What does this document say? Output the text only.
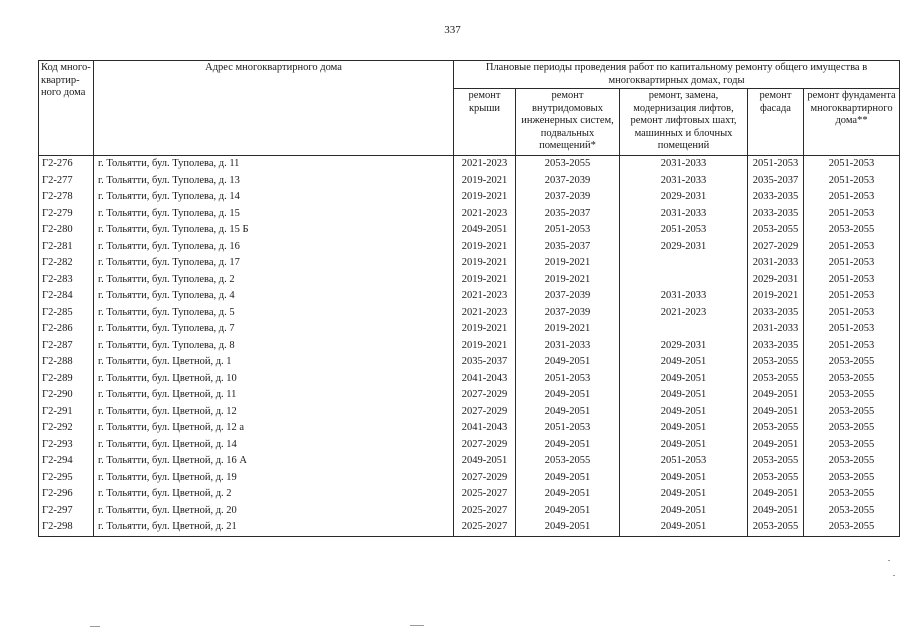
337
Код много-квартир-ного дома	Адрес многоквартирного дома	Плановые периоды проведения работ по капитальному ремонту общего имущества в многоквартирных домах, годы				
		ремонт крыши	ремонт внутридомовых инженерных систем, подвальных помещений*	ремонт, замена, модернизация лифтов, ремонт лифтовых шахт, машинных и блочных помещений	ремонт фасада	ремонт фундамента многоквартирного дома**
Г2-276	г. Тольятти, бул. Туполева, д. 11	2021-2023	2053-2055	2031-2033	2051-2053	2051-2053
Г2-277	г. Тольятти, бул. Туполева, д. 13	2019-2021	2037-2039	2031-2033	2035-2037	2051-2053
Г2-278	г. Тольятти, бул. Туполева, д. 14	2019-2021	2037-2039	2029-2031	2033-2035	2051-2053
Г2-279	г. Тольятти, бул. Туполева, д. 15	2021-2023	2035-2037	2031-2033	2033-2035	2051-2053
Г2-280	г. Тольятти, бул. Туполева, д. 15 Б	2049-2051	2051-2053	2051-2053	2053-2055	2053-2055
Г2-281	г. Тольятти, бул. Туполева, д. 16	2019-2021	2035-2037	2029-2031	2027-2029	2051-2053
Г2-282	г. Тольятти, бул. Туполева, д. 17	2019-2021	2019-2021		2031-2033	2051-2053
Г2-283	г. Тольятти, бул. Туполева, д. 2	2019-2021	2019-2021		2029-2031	2051-2053
Г2-284	г. Тольятти, бул. Туполева, д. 4	2021-2023	2037-2039	2031-2033	2019-2021	2051-2053
Г2-285	г. Тольятти, бул. Туполева, д. 5	2021-2023	2037-2039	2021-2023	2033-2035	2051-2053
Г2-286	г. Тольятти, бул. Туполева, д. 7	2019-2021	2019-2021		2031-2033	2051-2053
Г2-287	г. Тольятти, бул. Туполева, д. 8	2019-2021	2031-2033	2029-2031	2033-2035	2051-2053
Г2-288	г. Тольятти, бул. Цветной, д. 1	2035-2037	2049-2051	2049-2051	2053-2055	2053-2055
Г2-289	г. Тольятти, бул. Цветной, д. 10	2041-2043	2051-2053	2049-2051	2053-2055	2053-2055
Г2-290	г. Тольятти, бул. Цветной, д. 11	2027-2029	2049-2051	2049-2051	2049-2051	2053-2055
Г2-291	г. Тольятти, бул. Цветной, д. 12	2027-2029	2049-2051	2049-2051	2049-2051	2053-2055
Г2-292	г. Тольятти, бул. Цветной, д. 12 а	2041-2043	2051-2053	2049-2051	2053-2055	2053-2055
Г2-293	г. Тольятти, бул. Цветной, д. 14	2027-2029	2049-2051	2049-2051	2049-2051	2053-2055
Г2-294	г. Тольятти, бул. Цветной, д. 16 А	2049-2051	2053-2055	2051-2053	2053-2055	2053-2055
Г2-295	г. Тольятти, бул. Цветной, д. 19	2027-2029	2049-2051	2049-2051	2053-2055	2053-2055
Г2-296	г. Тольятти, бул. Цветной, д. 2	2025-2027	2049-2051	2049-2051	2049-2051	2053-2055
Г2-297	г. Тольятти, бул. Цветной, д. 20	2025-2027	2049-2051	2049-2051	2049-2051	2053-2055
Г2-298	г. Тольятти, бул. Цветной, д. 21	2025-2027	2049-2051	2049-2051	2053-2055	2053-2055
